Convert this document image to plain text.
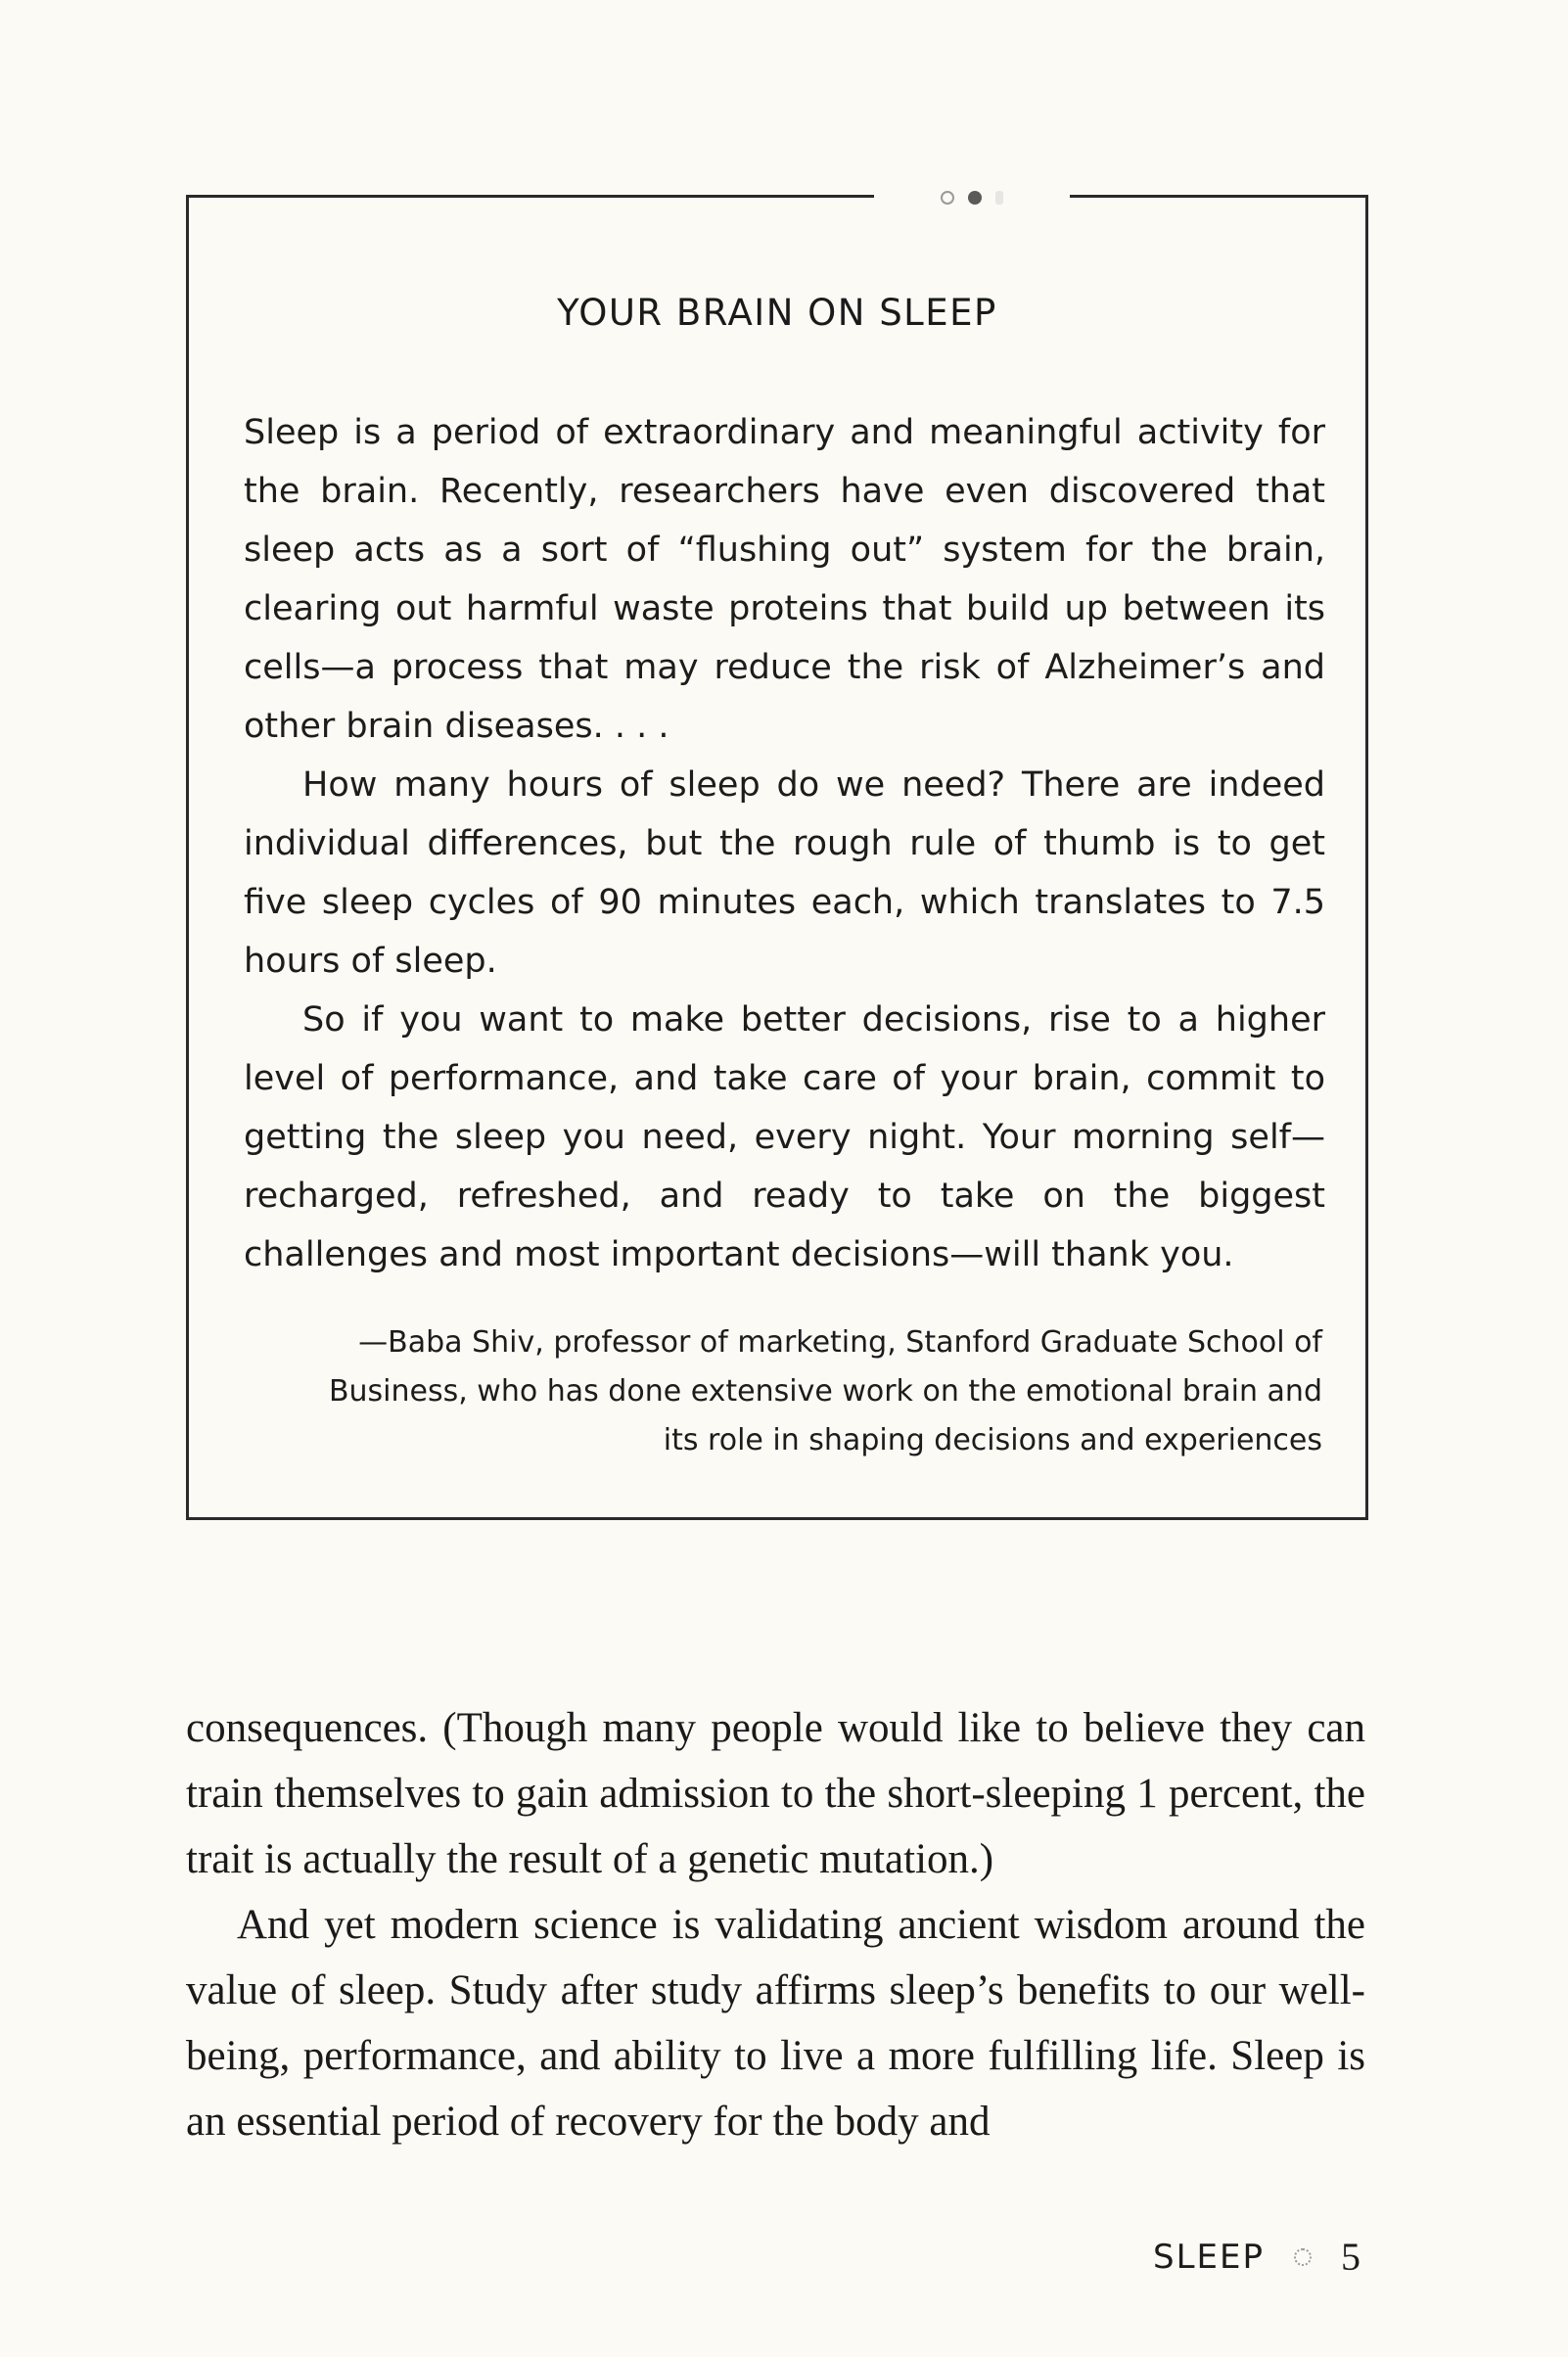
YOUR BRAIN ON SLEEP

Sleep is a period of extraordinary and meaningful activity for the brain. Recently, researchers have even discovered that sleep acts as a sort of “flushing out” system for the brain, clearing out harmful waste proteins that build up between its cells—a process that may reduce the risk of Alzheimer’s and other brain diseases. . . .

How many hours of sleep do we need? There are indeed individual differences, but the rough rule of thumb is to get five sleep cycles of 90 minutes each, which translates to 7.5 hours of sleep.

So if you want to make better decisions, rise to a higher level of performance, and take care of your brain, commit to getting the sleep you need, every night. Your morning self—recharged, refreshed, and ready to take on the biggest challenges and most important decisions—will thank you.

—Baba Shiv, professor of marketing, Stanford Graduate School of Business, who has done extensive work on the emotional brain and its role in shaping decisions and experiences

consequences. (Though many people would like to believe they can train themselves to gain admission to the short-sleeping 1 percent, the trait is actually the result of a genetic mutation.)

And yet modern science is validating ancient wisdom around the value of sleep. Study after study affirms sleep’s benefits to our well-being, performance, and ability to live a more fulfilling life. Sleep is an essential period of recovery for the body and

SLEEP 5
